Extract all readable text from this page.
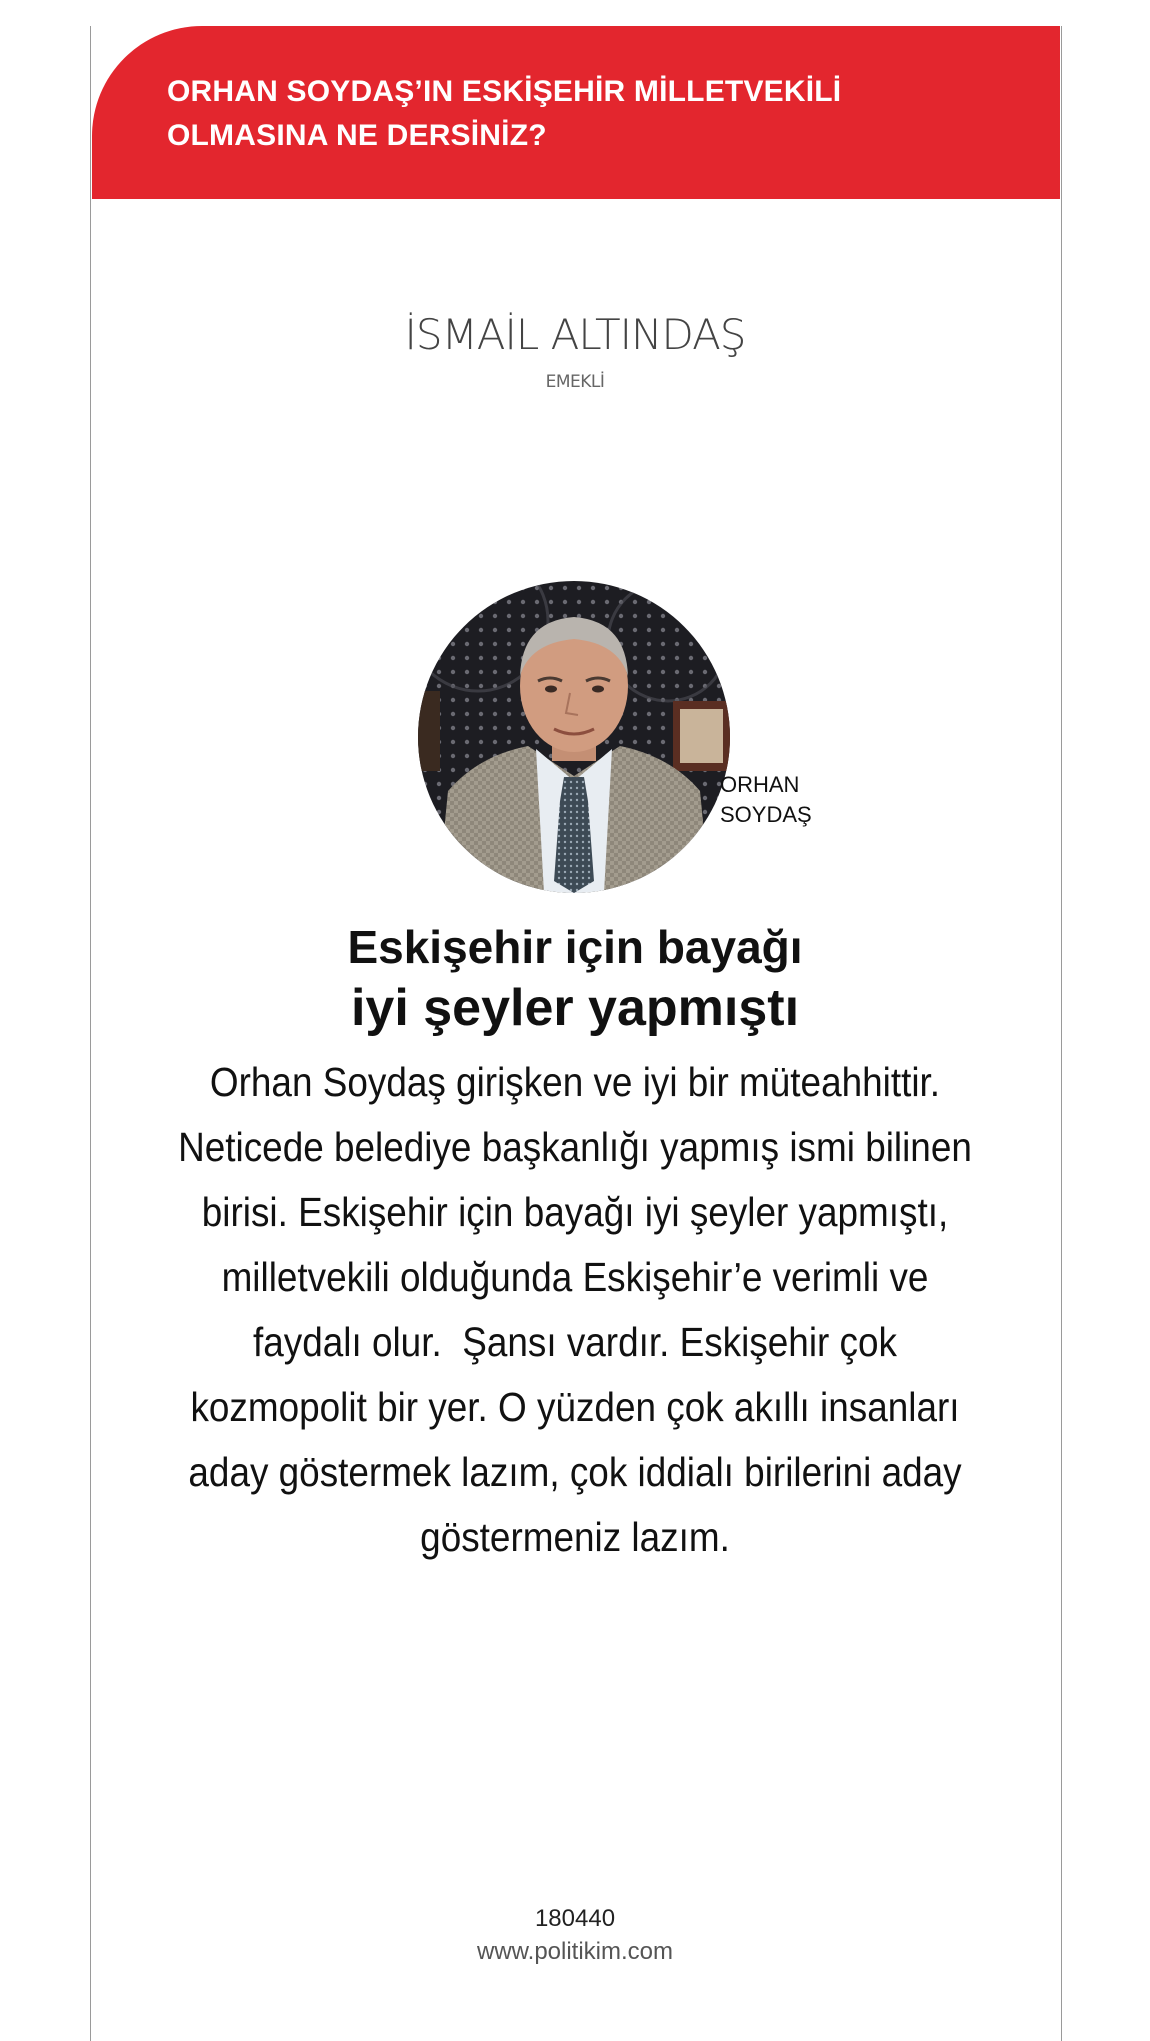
ORHAN SOYDAŞ’IN ESKİŞEHİR MİLLETVEKİLİ
OLMASINA NE DERSİNİZ?
İSMAİL ALTINDAŞ
EMEKLİ
ORHAN
SOYDAŞ
Eskişehir için bayağı
iyi şeyler yapmıştı
Orhan Soydaş girişken ve iyi bir müteahhittir.
Neticede belediye başkanlığı yapmış ismi bilinen
birisi. Eskişehir için bayağı iyi şeyler yapmıştı,
milletvekili olduğunda Eskişehir’e verimli ve
faydalı olur.  Şansı vardır. Eskişehir çok
kozmopolit bir yer. O yüzden çok akıllı insanları
aday göstermek lazım, çok iddialı birilerini aday
göstermeniz lazım.
180440
www.politikim.com
